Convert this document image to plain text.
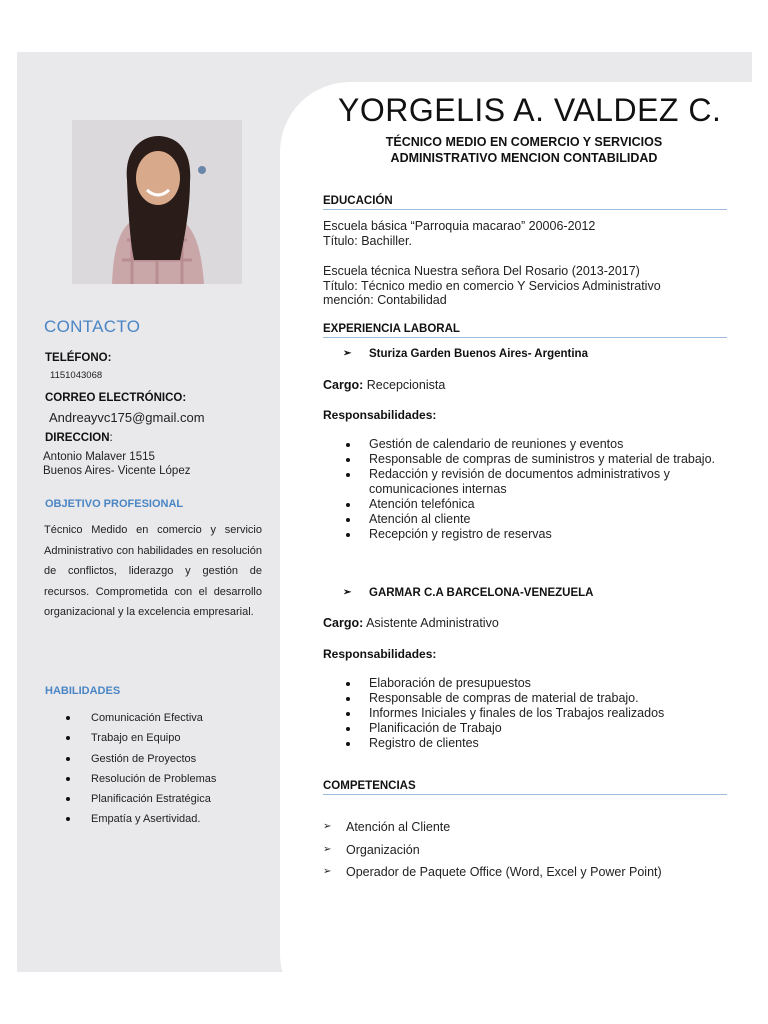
CONTACTO
TELÉFONO:
1151043068
CORREO ELECTRÓNICO:
Andreayvc175@gmail.com
DIRECCION:
Antonio Malaver 1515
Buenos Aires- Vicente López
OBJETIVO PROFESIONAL
Técnico Medido en comercio y servicio Administrativo con habilidades en resolución de conflictos, liderazgo y gestión de recursos. Comprometida con el desarrollo organizacional y la excelencia empresarial.
HABILIDADES
Comunicación Efectiva
Trabajo en Equipo
Gestión de Proyectos
Resolución de Problemas
Planificación Estratégica
Empatía y Asertividad.
YORGELIS A. VALDEZ C.
TÉCNICO MEDIO EN COMERCIO Y SERVICIOS
ADMINISTRATIVO MENCION CONTABILIDAD
EDUCACIÓN
Escuela básica “Parroquia macarao” 20006-2012
Título: Bachiller.
Escuela técnica Nuestra señora Del Rosario (2013-2017)
Título: Técnico medio en comercio Y Servicios Administrativo
mención: Contabilidad
EXPERIENCIA LABORAL
➢ Sturiza Garden Buenos Aires- Argentina
Cargo: Recepcionista
Responsabilidades:
Gestión de calendario de reuniones y eventos
Responsable de compras de suministros y material de trabajo.
Redacción y revisión de documentos administrativos y comunicaciones internas
Atención telefónica
Atención al cliente
Recepción y registro de reservas
➢ GARMAR C.A BARCELONA-VENEZUELA
Cargo: Asistente Administrativo
Responsabilidades:
Elaboración de presupuestos
Responsable de compras de material de trabajo.
Informes Iniciales y finales de los Trabajos realizados
Planificación de Trabajo
Registro de clientes
COMPETENCIAS
➢ Atención al Cliente
➢ Organización
➢ Operador de Paquete Office (Word, Excel y Power Point)
